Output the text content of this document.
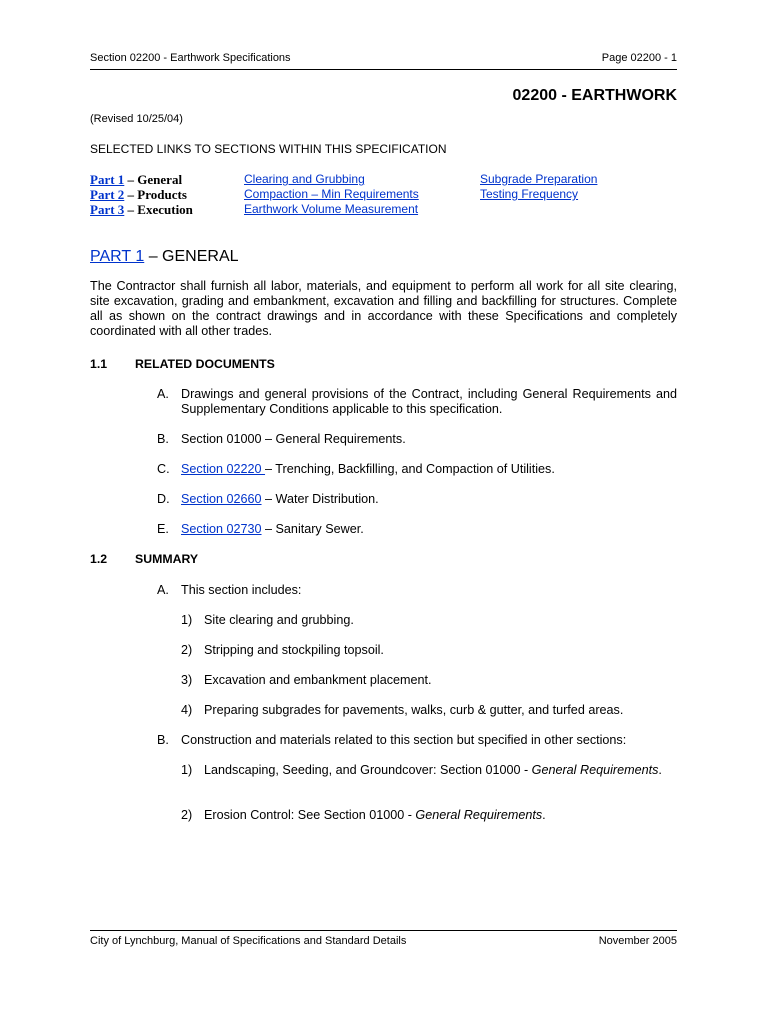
Section 02200 - Earthwork Specifications	Page 02200 - 1
02200 - EARTHWORK
(Revised 10/25/04)
SELECTED LINKS TO SECTIONS WITHIN THIS SPECIFICATION
Part 1 – General
Part 2 – Products
Part 3 – Execution
Clearing and Grubbing
Compaction – Min Requirements
Earthwork Volume Measurement
Subgrade Preparation
Testing Frequency
PART 1 – GENERAL

The Contractor shall furnish all labor, materials, and equipment to perform all work for all site clearing, site excavation, grading and embankment, excavation and filling and backfilling for structures. Complete all as shown on the contract drawings and in accordance with these Specifications and completely coordinated with all other trades.

1.1 RELATED DOCUMENTS
A. Drawings and general provisions of the Contract, including General Requirements and Supplementary Conditions applicable to this specification.
B. Section 01000 – General Requirements.
C. Section 02220 – Trenching, Backfilling, and Compaction of Utilities.
D. Section 02660 – Water Distribution.
E. Section 02730 – Sanitary Sewer.
1.2 SUMMARY
A. This section includes:
1) Site clearing and grubbing.
2) Stripping and stockpiling topsoil.
3) Excavation and embankment placement.
4) Preparing subgrades for pavements, walks, curb & gutter, and turfed areas.
B. Construction and materials related to this section but specified in other sections:
1) Landscaping, Seeding, and Groundcover: Section 01000 - General Requirements.
2) Erosion Control: See Section 01000 - General Requirements.
City of Lynchburg, Manual of Specifications and Standard Details	November 2005
